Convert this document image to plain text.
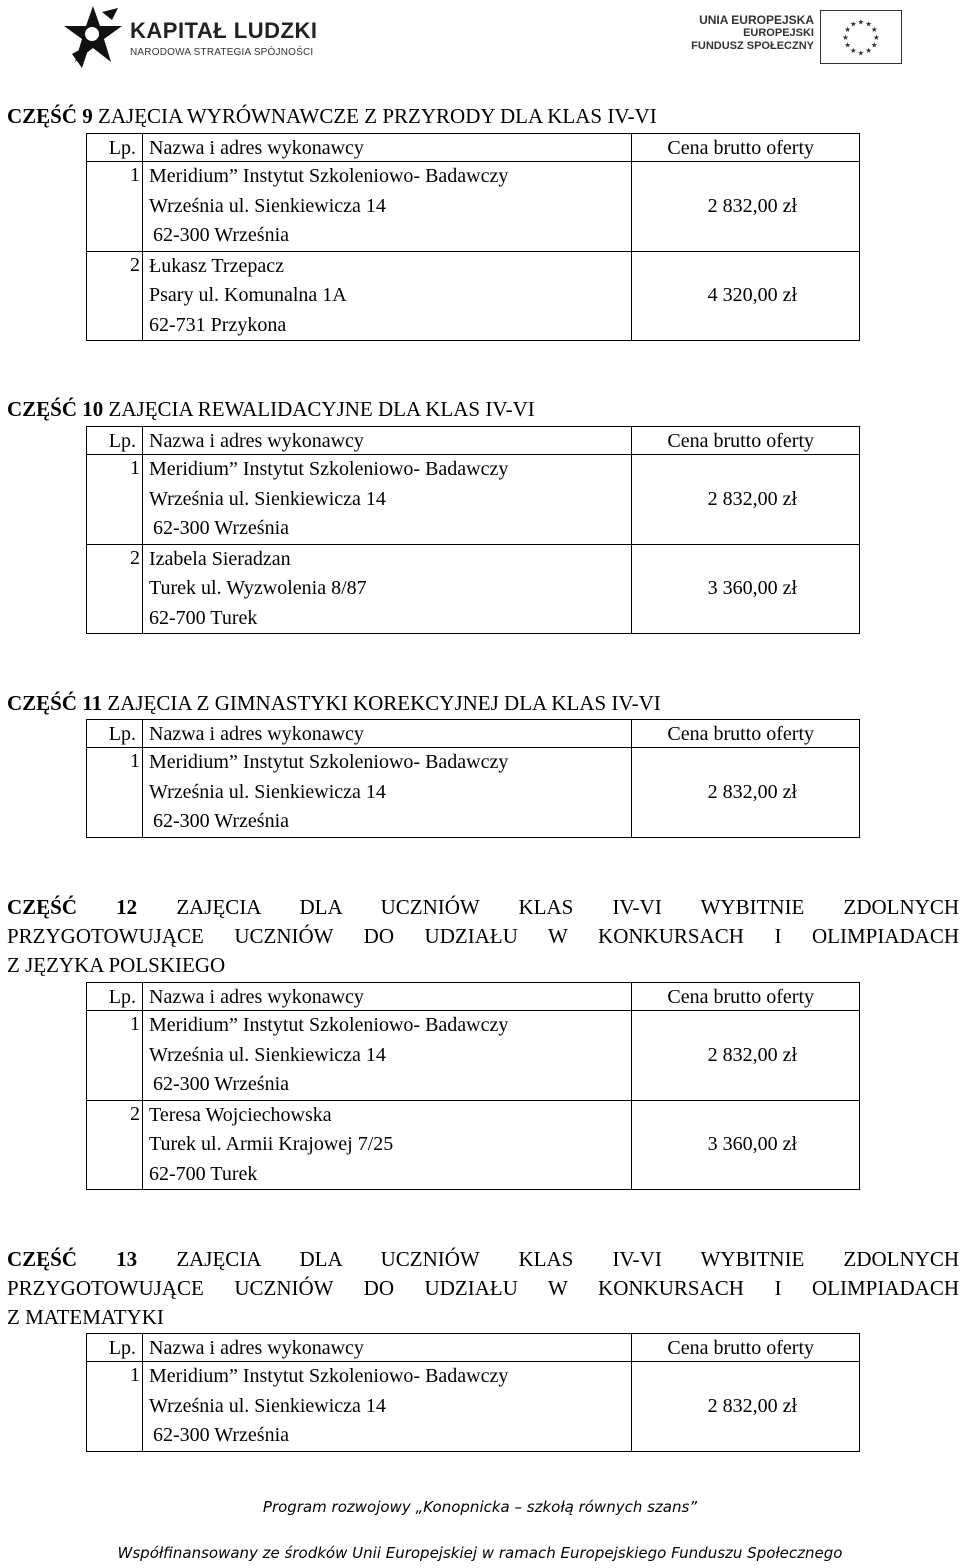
KAPITAŁ LUDZKI
NARODOWA STRATEGIA SPÓJNOŚCI
UNIA EUROPEJSKA
EUROPEJSKI
FUNDUSZ SPOŁECZNY
★ ★
★
★
★
★
★
★
★
★
★
★
CZĘŚĆ 9 ZAJĘCIA WYRÓWNAWCZE Z PRZYRODY DLA KLAS IV-VI
Lp.	Nazwa i adres wykonawcy	Cena brutto oferty
1	Meridium” Instytut Szkoleniowo- Badawczy
Września ul. Sienkiewicza 14
62-300 Września	2 832,00 zł
2	Łukasz Trzepacz
Psary ul. Komunalna 1A
62-731 Przykona	4 320,00 zł
CZĘŚĆ 10 ZAJĘCIA REWALIDACYJNE DLA KLAS IV-VI
Lp.	Nazwa i adres wykonawcy	Cena brutto oferty
1	Meridium” Instytut Szkoleniowo- Badawczy
Września ul. Sienkiewicza 14
62-300 Września	2 832,00 zł
2	Izabela Sieradzan
Turek ul. Wyzwolenia 8/87
62-700 Turek	3 360,00 zł
CZĘŚĆ 11 ZAJĘCIA Z GIMNASTYKI KOREKCYJNEJ DLA KLAS IV-VI
Lp.	Nazwa i adres wykonawcy	Cena brutto oferty
1	Meridium” Instytut Szkoleniowo- Badawczy
Września ul. Sienkiewicza 14
62-300 Września	2 832,00 zł
CZĘŚĆ 12 ZAJĘCIA DLA UCZNIÓW KLAS IV-VI WYBITNIE ZDOLNYCH
PRZYGOTOWUJĄCE UCZNIÓW DO UDZIAŁU W KONKURSACH I OLIMPIADACH
Z JĘZYKA POLSKIEGO
Lp.	Nazwa i adres wykonawcy	Cena brutto oferty
1	Meridium” Instytut Szkoleniowo- Badawczy
Września ul. Sienkiewicza 14
62-300 Września	2 832,00 zł
2	Teresa Wojciechowska
Turek ul. Armii Krajowej 7/25
62-700 Turek	3 360,00 zł
CZĘŚĆ 13 ZAJĘCIA DLA UCZNIÓW KLAS IV-VI WYBITNIE ZDOLNYCH
PRZYGOTOWUJĄCE UCZNIÓW DO UDZIAŁU W KONKURSACH I OLIMPIADACH
Z MATEMATYKI
Lp.	Nazwa i adres wykonawcy	Cena brutto oferty
1	Meridium” Instytut Szkoleniowo- Badawczy
Września ul. Sienkiewicza 14
62-300 Września	2 832,00 zł
Program rozwojowy „Konopnicka – szkołą równych szans”
Współfinansowany ze środków Unii Europejskiej w ramach Europejskiego Funduszu Społecznego
